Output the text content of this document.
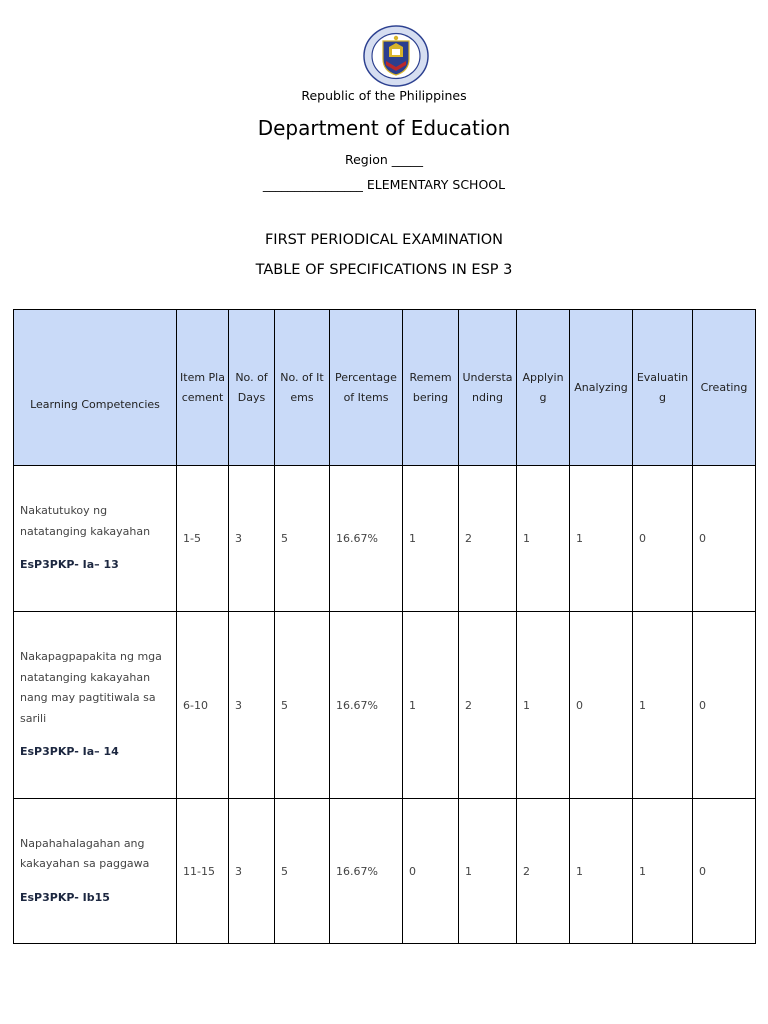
Republic of the Philippines
Department of Education
Region _____
________________ ELEMENTARY SCHOOL
FIRST PERIODICAL EXAMINATION
TABLE OF SPECIFICATIONS IN ESP 3
Learning Competencies	Item Placement	No. of Days	No. of Items	Percentage of Items	Remembering	Understanding	Applying	Analyzing	Evaluating	Creating

Nakatutukoy ng natatanging kakayahan
EsP3PKP- Ia– 13	1-5	3	5	16.67%	1	2	1	1	0	0

Nakapagpapakita ng mga natatanging kakayahan nang may pagtitiwala sa sarili
EsP3PKP- Ia– 14	6-10	3	5	16.67%	1	2	1	0	1	0

Napahahalagahan ang kakayahan sa paggawa
EsP3PKP- Ib15	11-15	3	5	16.67%	0	1	2	1	1	0
